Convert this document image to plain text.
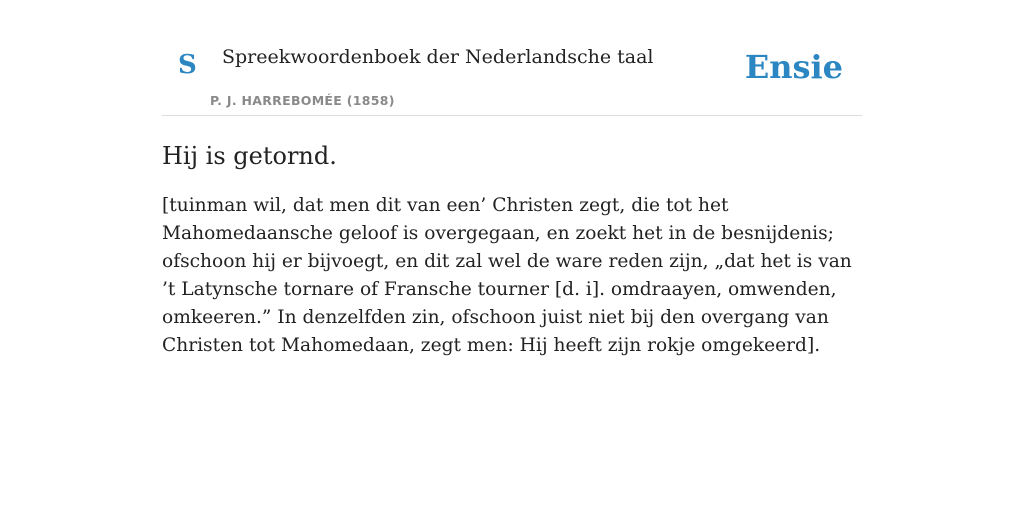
S Spreekwoordenboek der Nederlandsche taal
P. J. HARREBOMÉE (1858)
Ensie
Hij is getornd.

[tuinman wil, dat men dit van een’ Christen zegt, die tot het Mahomedaansche geloof is overgegaan, en zoekt het in de besnijdenis; ofschoon hij er bijvoegt, en dit zal wel de ware reden zijn, „dat het is van ’t Latynsche tornare of Fransche tourner [d. i]. omdraayen, omwenden, omkeeren.” In denzelfden zin, ofschoon juist niet bij den overgang van Christen tot Mahomedaan, zegt men: Hij heeft zijn rokje omgekeerd].
